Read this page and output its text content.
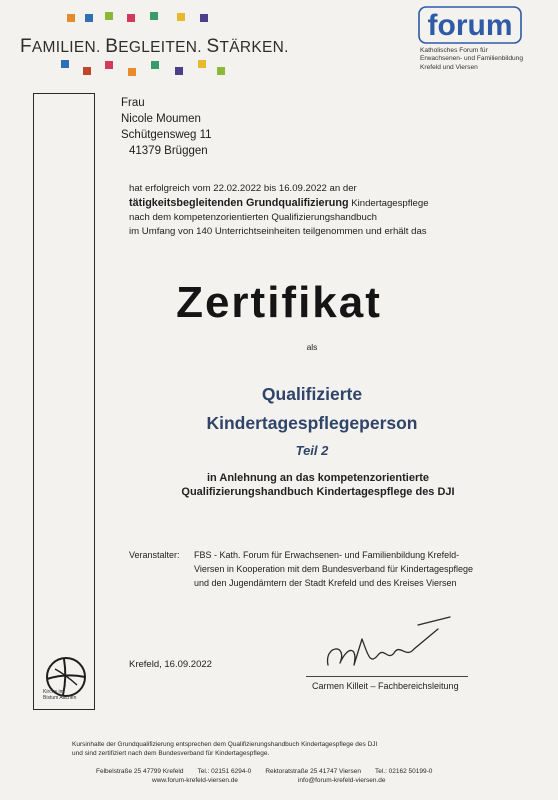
FAMILIEN. BEGLEITEN. STÄRKEN.
forum
Katholisches Forum für
Erwachsenen- und Familienbildung
Krefeld und Viersen
Frau
Nicole Moumen
Schütgensweg 11
41379 Brüggen
hat erfolgreich vom 22.02.2022 bis 16.09.2022 an der
tätigkeitsbegleitenden Grundqualifizierung Kindertagespflege
nach dem kompetenzorientierten Qualifizierungshandbuch
im Umfang von 140 Unterrichtseinheiten teilgenommen und erhält das
Zertifikat
als
Qualifizierte
Kindertagespflegeperson
Teil 2
in Anlehnung an das kompetenzorientierte
Qualifizierungshandbuch Kindertagespflege des DJI
Veranstalter: FBS - Kath. Forum für Erwachsenen- und Familienbildung Krefeld-
Viersen in Kooperation mit dem Bundesverband für Kindertagespflege
und den Jugendämtern der Stadt Krefeld und des Kreises Viersen
Kirche im
Bistum Aachen
Krefeld, 16.09.2022
Carmen Killeit – Fachbereichsleitung
Kursinhalte der Grundqualifizierung entsprechen dem Qualifizierungshandbuch Kindertagespflege des DJI
und sind zertifiziert nach dem Bundesverband für Kindertagespflege.
Felbelstraße 25 47799 Krefeld Tel.: 02151 6294-0 Rektoratstraße 25 41747 Viersen Tel.: 02162 50199-0
www.forum-krefeld-viersen.de	info@forum-krefeld-viersen.de
